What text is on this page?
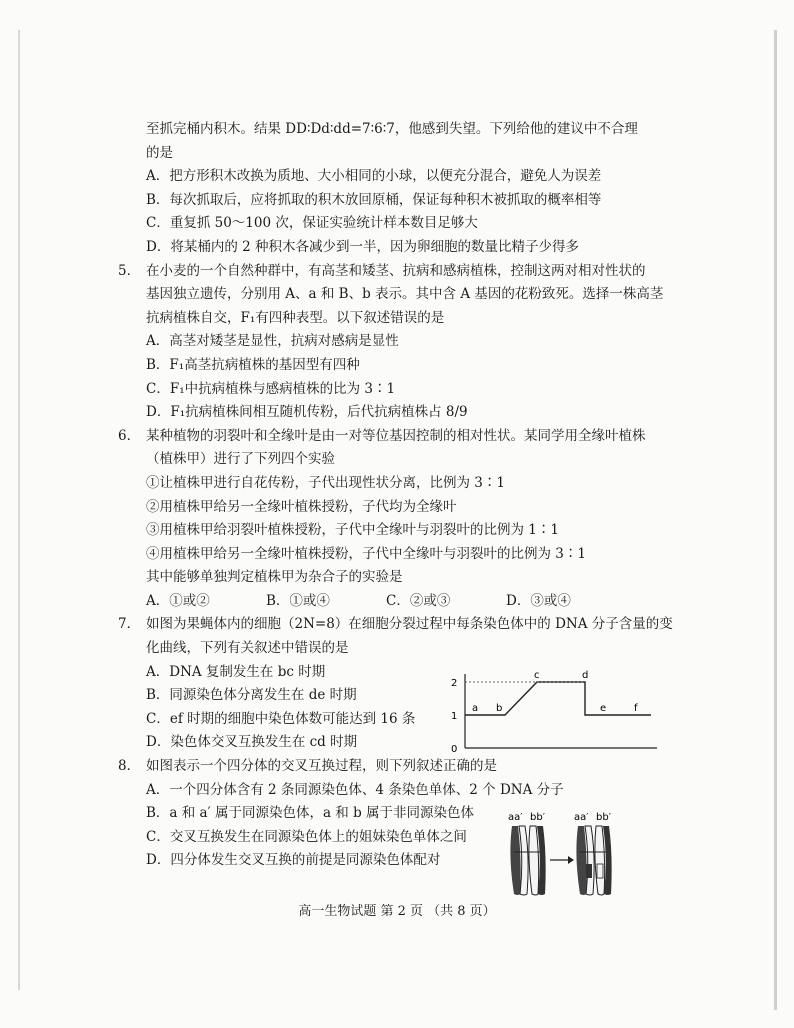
至抓完桶内积木。结果 DD∶Dd∶dd=7∶6∶7，他感到失望。下列给他的建议中不合理
的是
A．把方形积木改换为质地、大小相同的小球，以便充分混合，避免人为误差
B．每次抓取后，应将抓取的积木放回原桶，保证每种积木被抓取的概率相等
C．重复抓 50～100 次，保证实验统计样本数目足够大
D．将某桶内的 2 种积木各减少到一半，因为卵细胞的数量比精子少得多
5． 在小麦的一个自然种群中，有高茎和矮茎、抗病和感病植株，控制这两对相对性状的
基因独立遗传，分别用 A、a 和 B、b 表示。其中含 A 基因的花粉致死。选择一株高茎
抗病植株自交，F₁有四种表型。以下叙述错误的是
A．高茎对矮茎是显性，抗病对感病是显性
B．F₁高茎抗病植株的基因型有四种
C．F₁中抗病植株与感病植株的比为 3∶1
D．F₁抗病植株间相互随机传粉，后代抗病植株占 8/9
6． 某种植物的羽裂叶和全缘叶是由一对等位基因控制的相对性状。某同学用全缘叶植株
（植株甲）进行了下列四个实验
①让植株甲进行自花传粉，子代出现性状分离，比例为 3∶1
②用植株甲给另一全缘叶植株授粉，子代均为全缘叶
③用植株甲给羽裂叶植株授粉，子代中全缘叶与羽裂叶的比例为 1∶1
④用植株甲给另一全缘叶植株授粉，子代中全缘叶与羽裂叶的比例为 3∶1
其中能够单独判定植株甲为杂合子的实验是
A．①或②	B．①或④	C．②或③	D．③或④
7． 如图为果蝇体内的细胞（2N=8）在细胞分裂过程中每条染色体中的 DNA 分子含量的变
化曲线，下列有关叙述中错误的是
A．DNA 复制发生在 bc 时期
B．同源染色体分离发生在 de 时期
C．ef 时期的细胞中染色体数可能达到 16 条
D．染色体交叉互换发生在 cd 时期
8． 如图表示一个四分体的交叉互换过程，则下列叙述正确的是
A．一个四分体含有 2 条同源染色体、4 条染色单体、2 个 DNA 分子
B．a 和 a′ 属于同源染色体，a 和 b 属于非同源染色体
C．交叉互换发生在同源染色体上的姐妹染色单体之间
D．四分体发生交叉互换的前提是同源染色体配对
0
1
2
a b
c	d
e	f
aa′ bb′	aa′ bb′
高一生物试题 第 2 页 （共 8 页）
